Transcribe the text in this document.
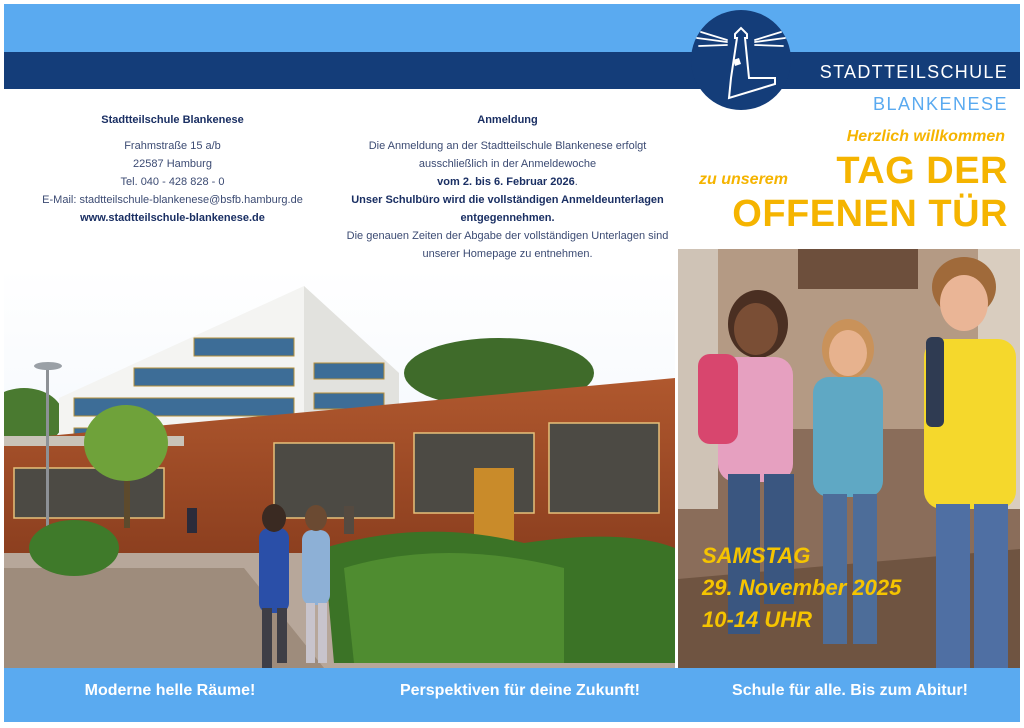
STADTTEILSCHULE
BLANKENESE
Stadtteilschule Blankenese
Frahmstraße 15 a/b
22587 Hamburg
Tel. 040 - 428 828 - 0
E-Mail: stadtteilschule-blankenese@bsfb.hamburg.de
www.stadtteilschule-blankenese.de
Anmeldung

Die Anmeldung an der Stadtteilschule Blankenese erfolgt
ausschließlich in der Anmeldewoche
vom 2. bis 6. Februar 2026.
Unser Schulbüro wird die vollständigen Anmeldeunterlagen
entgegennehmen.
Die genauen Zeiten der Abgabe der vollständigen Unterlagen sind
unserer Homepage zu entnehmen.

Herzlich willkommen
zu unserem	TAG DER
OFFENEN TÜR
SAMSTAG
29. November 2025
10-14 UHR
Moderne helle Räume!	Perspektiven für deine Zukunft!	Schule für alle. Bis zum Abitur!
